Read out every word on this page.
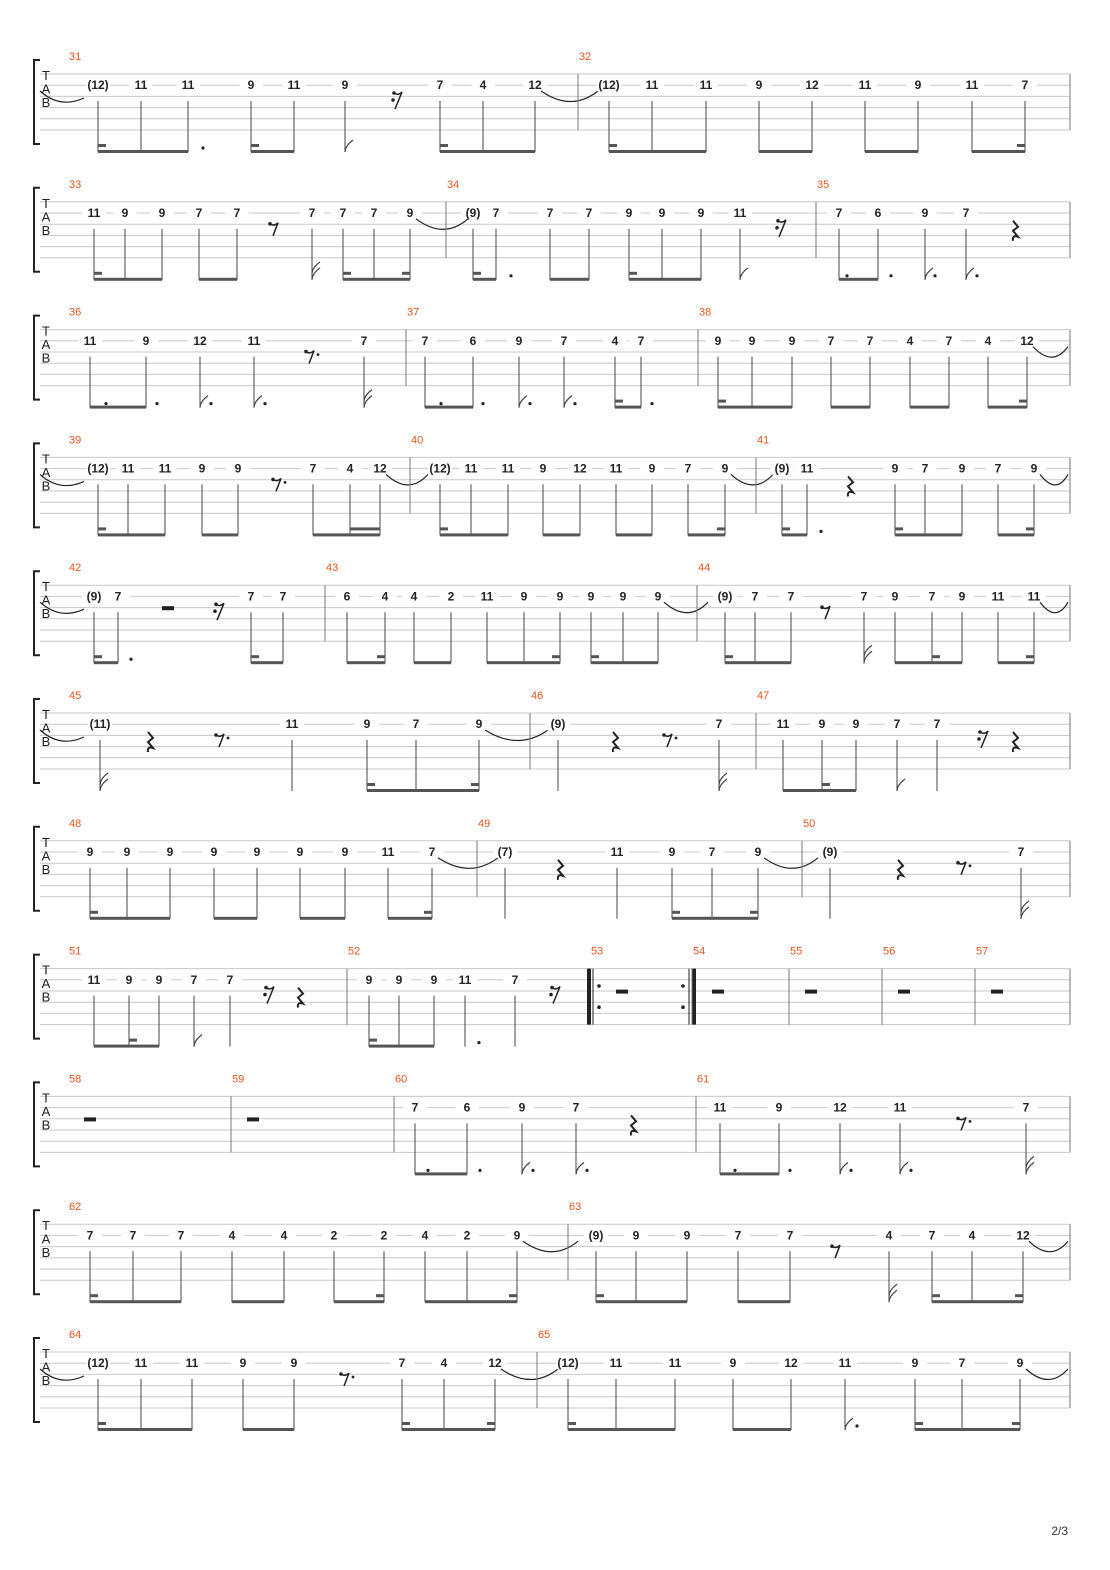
T
A
B
31
(12) 11	11	9	11	9	7	4	12
32
(12) 11	11	9	12	11	9	11	7
T
A
B
33
11 9	9	7	7	7 7 7 9
34
(9) 7	7	7	9 9	9 11
35
7	6	9	7
T
A
B
36
11	9	12	11	7
37
7	6	9	7	4 7
38
9 9	9	7	7	4	7	4 12
T
A
B
39
(12) 11 11 9 9	7	4 12
40
(12) 11 11 9 12 11 9 7	9
41
(9) 11	9 7	9 7 9
T
A
B
42
(9) 7	7 7
43
6	4 4	2 11 9 9 9 9 9
44
(9) 7 7	7 9	7 9 11 11
T
A
B
45
(11)	11	9	7	9
46
(9)	7
47
11 9 9	7	7
T
A
B
48
9	9	9	9	9	9	9	11	7
49
(7)	11	9	7	9
50
(9)	7
T
A
B
51
11 9 9 7 7
52
9 9 9 11	7
53	54	55	56	57
T
A
B
58	59	60
7	6	9	7
61
11	9	12	11	7
T
A
B
62
7	7	7	4	4	2	2	4	2	9
63
(9) 9	9	7	7	4	7	4	12
T
A
B
64
(12) 11	11	9	9	7	4	12
65
(12)	11	11	9	12	11	9	7	9
2/3
